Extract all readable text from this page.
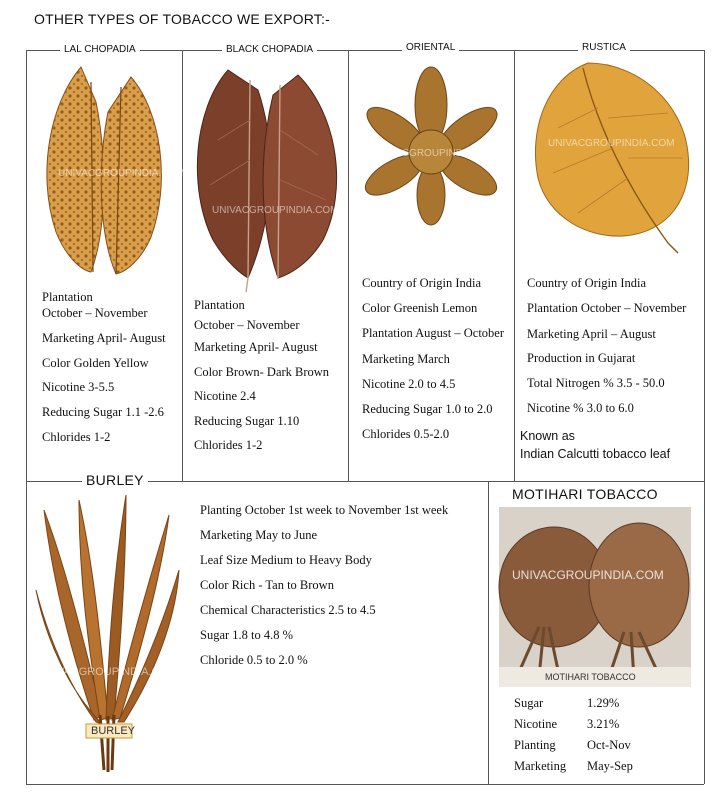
OTHER TYPES OF TOBACCO WE EXPORT:-
LAL CHOPADIA	BLACK CHOPADIA	ORIENTAL	RUSTICA
UNIVACGROUPINDIA.COM
UNIVACGROUPINDIA.COM
UNIVACGROUPINDIA.COM
UNIVACGROUPINDIA.COM
Plantation
October – November
Marketing April- August
Color Golden Yellow
Nicotine 3-5.5
Reducing Sugar 1.1 -2.6
Chlorides 1-2
Plantation
October – November
Marketing April- August
Color Brown- Dark Brown
Nicotine 2.4
Reducing Sugar 1.10
Chlorides 1-2
Country of Origin India
Color Greenish Lemon
Plantation August – October
Marketing March
Nicotine 2.0 to 4.5
Reducing Sugar 1.0 to 2.0
Chlorides 0.5-2.0
Country of Origin India
Plantation October – November
Marketing April – August
Production in Gujarat
Total Nitrogen % 3.5 - 50.0
Nicotine % 3.0 to 6.0
Known as
Indian Calcutti tobacco leaf
BURLEY
UNIVACGROUPINDIA.COM
BURLEY
Planting October 1st week to November 1st week
Marketing May to June
Leaf Size Medium to Heavy Body
Color Rich - Tan to Brown
Chemical Characteristics 2.5 to 4.5
Sugar 1.8 to 4.8 %
Chloride 0.5 to 2.0 %
MOTIHARI TOBACCO
UNIVACGROUPINDIA.COM
MOTIHARI TOBACCO
Sugar	1.29%
Nicotine 3.21%
Planting	Oct-Nov
Marketing May-Sep
